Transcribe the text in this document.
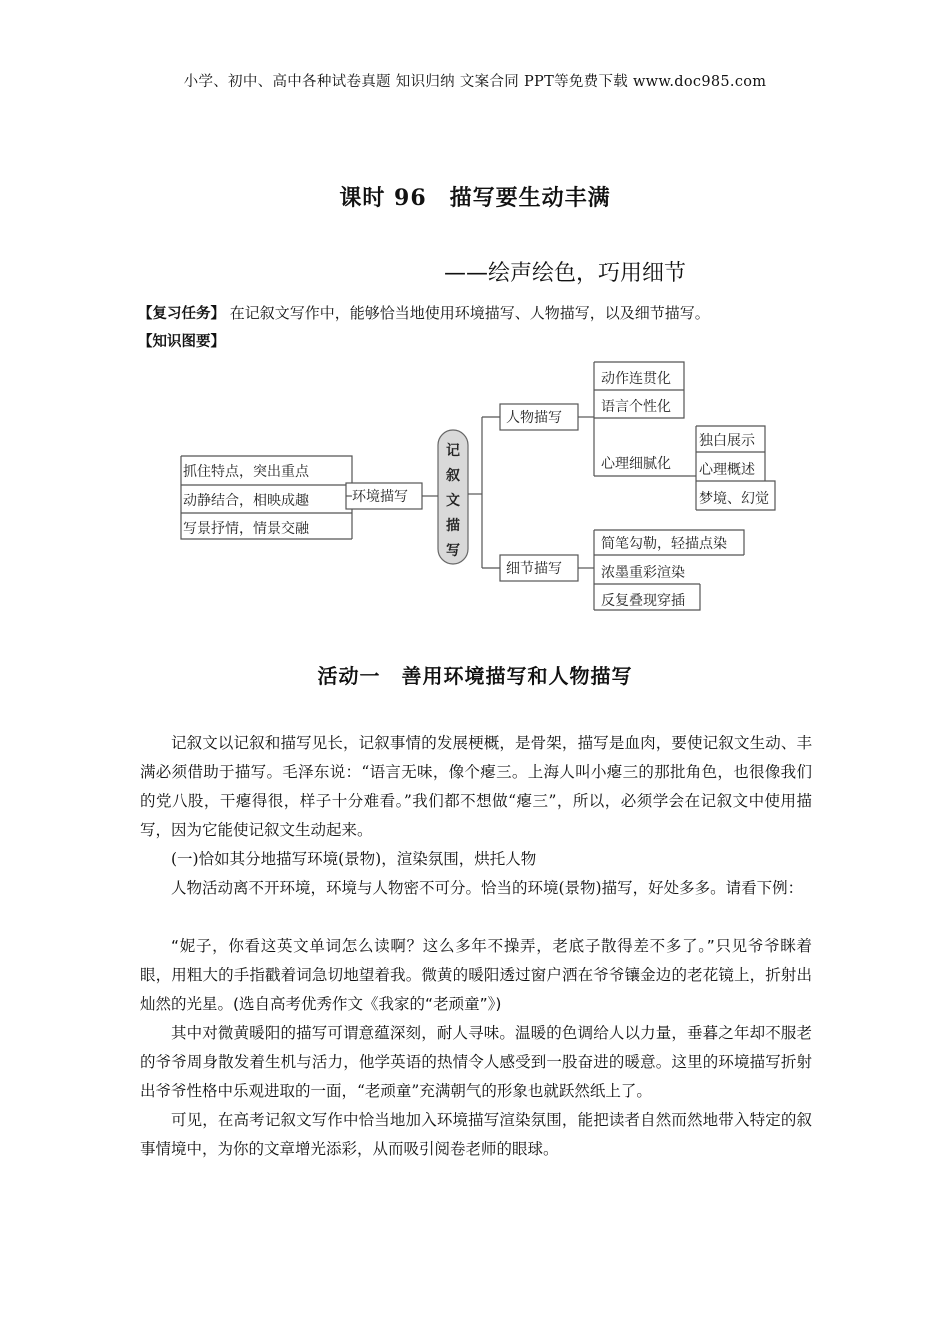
小学、初中、高中各种试卷真题 知识归纳 文案合同 PPT等免费下载 www.doc985.com
课时 96　描写要生动丰满
——绘声绘色，巧用细节
【复习任务】 在记叙文写作中，能够恰当地使用环境描写、人物描写，以及细节描写。
【知识图要】
记
叙
文
描
写
环境描写
抓住特点，突出重点
动静结合，相映成趣
写景抒情，情景交融
人物描写
动作连贯化
语言个性化
心理细腻化
独白展示
心理概述
梦境、幻觉
细节描写
简笔勾勒，轻描点染
浓墨重彩渲染
反复叠现穿插
活动一　善用环境描写和人物描写
记叙文以记叙和描写见长，记叙事情的发展梗概，是骨架，描写是血肉，要使记叙文生动、丰满必须借助于描写。毛泽东说：“语言无味，像个瘪三。上海人叫小瘪三的那批角色，也很像我们的党八股，干瘪得很，样子十分难看。”我们都不想做“瘪三”，所以，必须学会在记叙文中使用描写，因为它能使记叙文生动起来。
(一)恰如其分地描写环境(景物)，渲染氛围，烘托人物
人物活动离不开环境，环境与人物密不可分。恰当的环境(景物)描写，好处多多。请看下例：
“妮子，你看这英文单词怎么读啊？这么多年不操弄，老底子散得差不多了。”只见爷爷眯着眼，用粗大的手指戳着词急切地望着我。微黄的暖阳透过窗户洒在爷爷镶金边的老花镜上，折射出灿然的光星。(选自高考优秀作文《我家的“老顽童”》)
其中对微黄暖阳的描写可谓意蕴深刻，耐人寻味。温暖的色调给人以力量，垂暮之年却不服老的爷爷周身散发着生机与活力，他学英语的热情令人感受到一股奋进的暖意。这里的环境描写折射出爷爷性格中乐观进取的一面，“老顽童”充满朝气的形象也就跃然纸上了。
可见，在高考记叙文写作中恰当地加入环境描写渲染氛围，能把读者自然而然地带入特定的叙事情境中，为你的文章增光添彩，从而吸引阅卷老师的眼球。
